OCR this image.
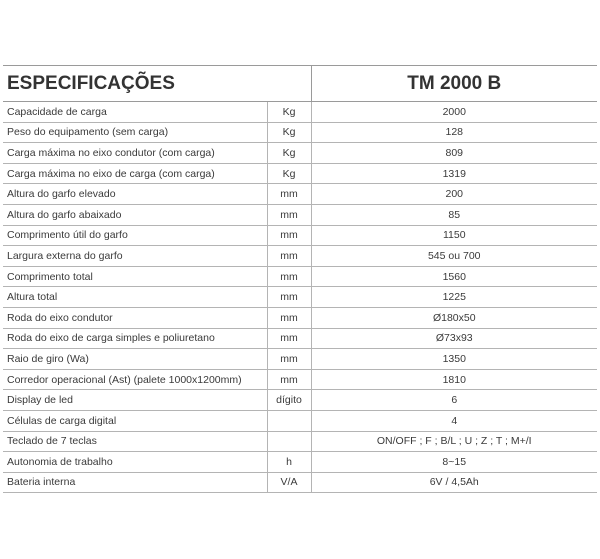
ESPECIFICAÇÕES		TM 2000 B
Capacidade de carga	Kg	2000
Peso do equipamento (sem carga)	Kg	128
Carga máxima no eixo condutor (com carga)	Kg	809
Carga máxima no eixo de carga (com carga)	Kg	1319
Altura do garfo elevado	mm	200
Altura do garfo abaixado	mm	85
Comprimento útil do garfo	mm	1150
Largura externa do garfo	mm	545 ou 700
Comprimento total	mm	1560
Altura total	mm	1225
Roda do eixo condutor	mm	Ø180x50
Roda do eixo de carga simples e poliuretano	mm	Ø73x93
Raio de giro (Wa)	mm	1350
Corredor operacional (Ast) (palete 1000x1200mm)	mm	1810
Display de led	dígito	6
Células de carga digital		4
Teclado de 7 teclas		ON/OFF ; F ; B/L ; U ; Z ; T ; M+/I
Autonomia de trabalho	h	8~15
Bateria interna	V/A	6V / 4,5Ah
